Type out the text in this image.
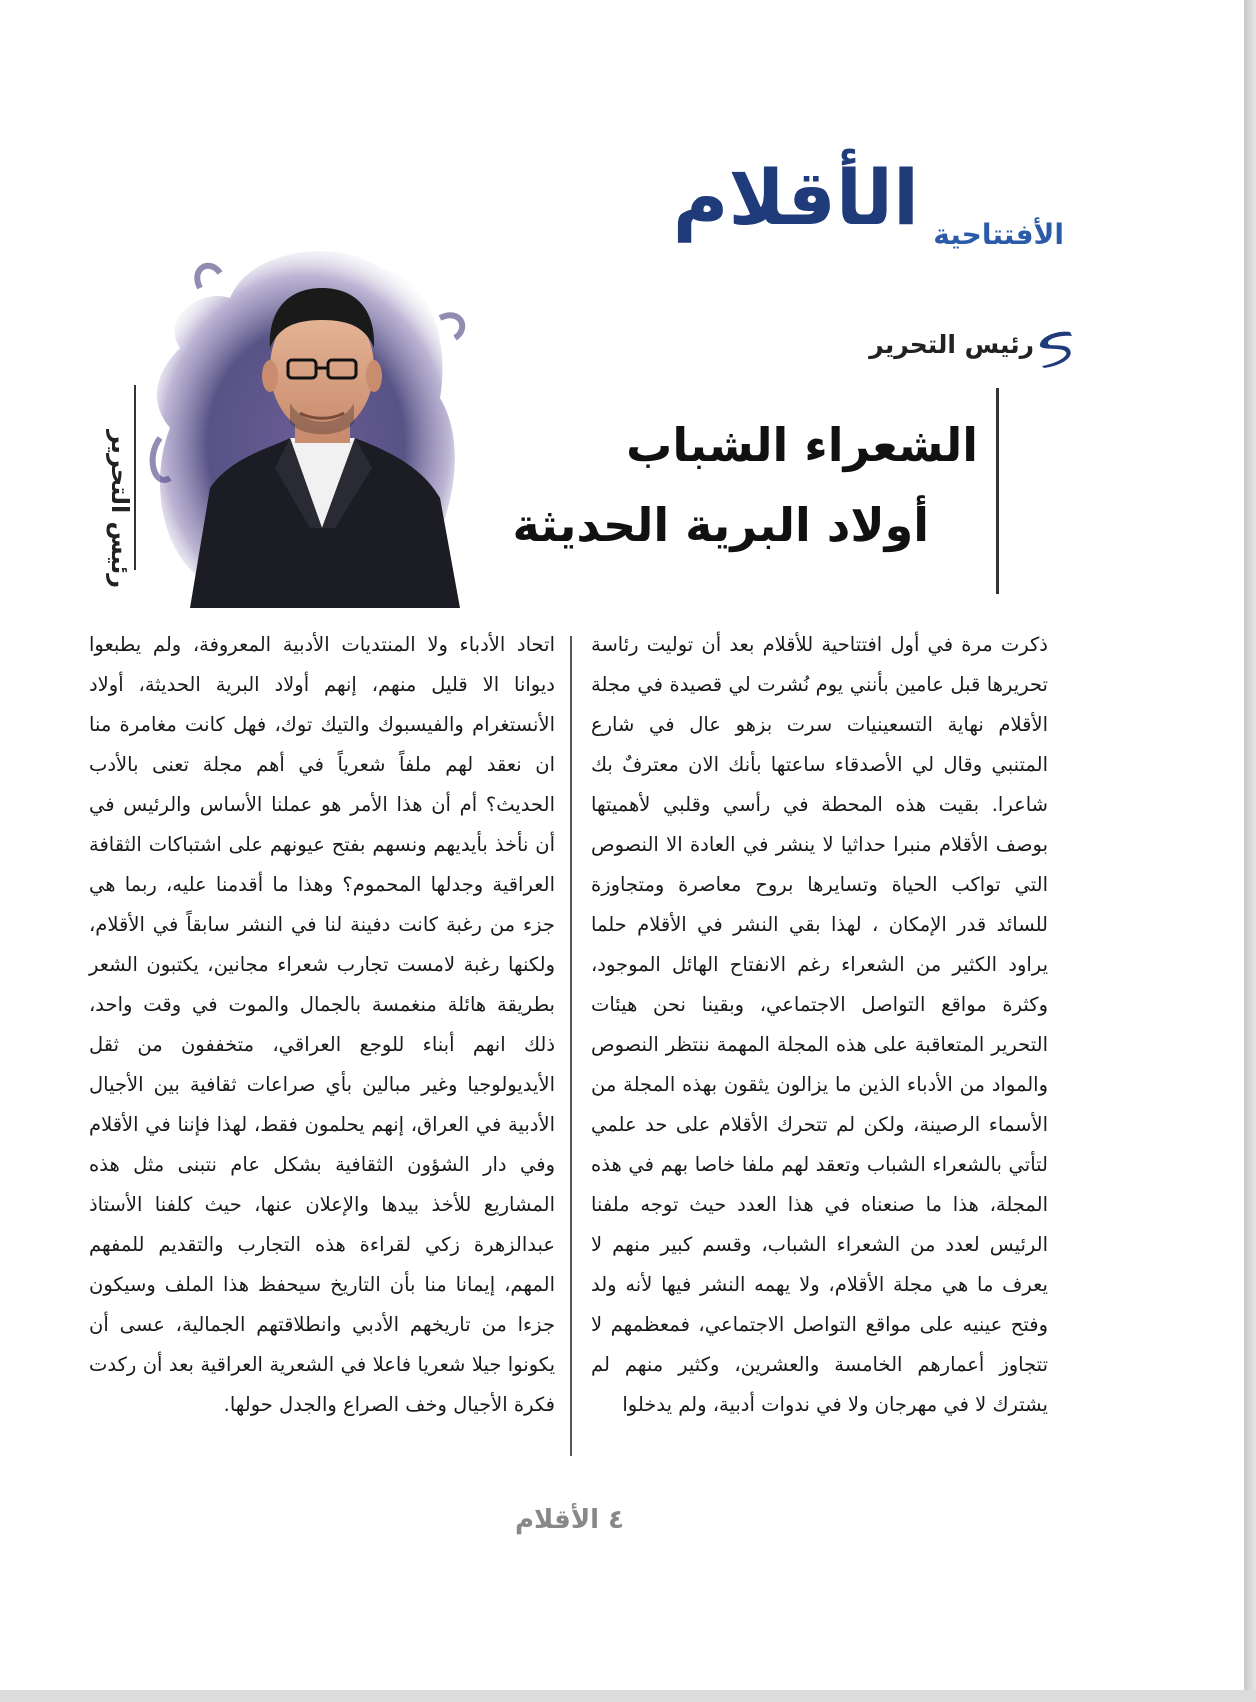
الأقلام الأفتتاحية
رئيس التحرير
الشعراء الشباب
أولاد البرية الحديثة
رئيس التحرير

ذكرت مرة في أول افتتاحية للأقلام بعد أن توليت رئاسة تحريرها قبل عامين بأنني يوم نُشرت لي قصيدة في مجلة الأقلام نهاية التسعينيات سرت بزهو عال في شارع المتنبي وقال لي الأصدقاء ساعتها بأنك الان معترفٌ بك شاعرا. بقيت هذه المحطة في رأسي وقلبي لأهميتها بوصف الأقلام منبرا حداثيا لا ينشر في العادة الا النصوص التي تواكب الحياة وتسايرها بروح معاصرة ومتجاوزة للسائد قدر الإمكان ، لهذا بقي النشر في الأقلام حلما يراود الكثير من الشعراء رغم الانفتاح الهائل الموجود، وكثرة مواقع التواصل الاجتماعي، وبقينا نحن هيئات التحرير المتعاقبة على هذه المجلة المهمة ننتظر النصوص والمواد من الأدباء الذين ما يزالون يثقون بهذه المجلة من الأسماء الرصينة، ولكن لم تتحرك الأقلام على حد علمي لتأتي بالشعراء الشباب وتعقد لهم ملفا خاصا بهم في هذه المجلة، هذا ما صنعناه في هذا العدد حيث توجه ملفنا الرئيس لعدد من الشعراء الشباب، وقسم كبير منهم لا يعرف ما هي مجلة الأقلام، ولا يهمه النشر فيها لأنه ولد وفتح عينيه على مواقع التواصل الاجتماعي، فمعظمهم لا تتجاوز أعمارهم الخامسة والعشرين، وكثير منهم لم يشترك لا في مهرجان ولا في ندوات أدبية، ولم يدخلوا

اتحاد الأدباء ولا المنتديات الأدبية المعروفة، ولم يطبعوا ديوانا الا قليل منهم، إنهم أولاد البرية الحديثة، أولاد الأنستغرام والفيسبوك والتيك توك، فهل كانت مغامرة منا ان نعقد لهم ملفاً شعرياً في أهم مجلة تعنى بالأدب الحديث؟ أم أن هذا الأمر هو عملنا الأساس والرئيس في أن نأخذ بأيديهم ونسهم بفتح عيونهم على اشتباكات الثقافة العراقية وجدلها المحموم؟ وهذا ما أقدمنا عليه، ربما هي جزء من رغبة كانت دفينة لنا في النشر سابقاً في الأقلام، ولكنها رغبة لامست تجارب شعراء مجانين، يكتبون الشعر بطريقة هائلة منغمسة بالجمال والموت في وقت واحد، ذلك انهم أبناء للوجع العراقي، متخففون من ثقل الأيديولوجيا وغير مبالين بأي صراعات ثقافية بين الأجيال الأدبية في العراق، إنهم يحلمون فقط، لهذا فإننا في الأقلام وفي دار الشؤون الثقافية بشكل عام نتبنى مثل هذه المشاريع للأخذ بيدها والإعلان عنها، حيث كلفنا الأستاذ عبدالزهرة زكي لقراءة هذه التجارب والتقديم للمفهم المهم، إيمانا منا بأن التاريخ سيحفظ هذا الملف وسيكون جزءا من تاريخهم الأدبي وانطلاقتهم الجمالية، عسى أن يكونوا جيلا شعريا فاعلا في الشعرية العراقية بعد أن ركدت فكرة الأجيال وخف الصراع والجدل حولها.

٤ الأقلام
